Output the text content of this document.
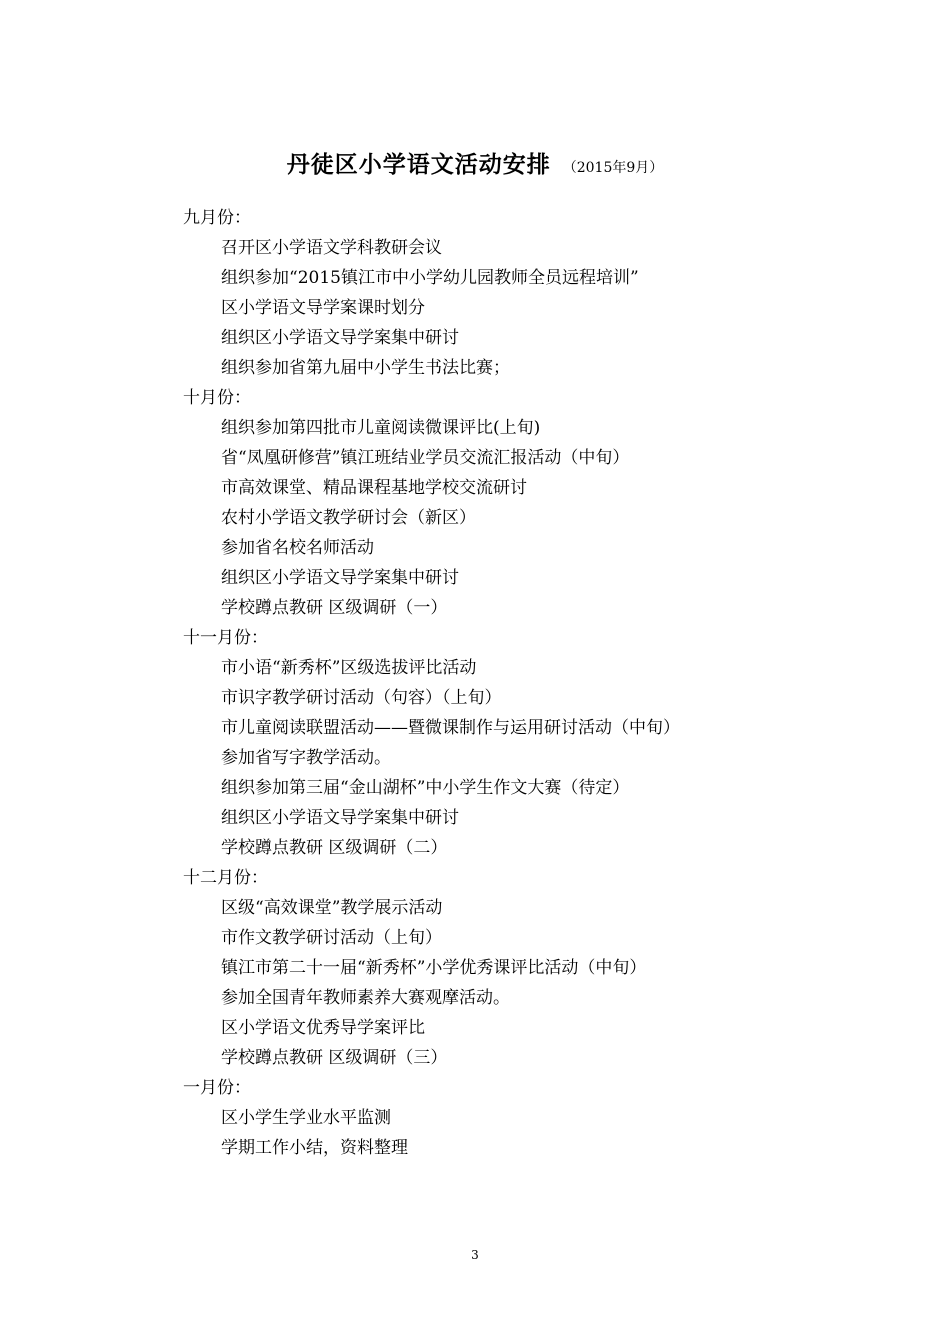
丹徒区小学语文活动安排 （2015年9月）
九月份：
召开区小学语文学科教研会议
组织参加“2015镇江市中小学幼儿园教师全员远程培训”
区小学语文导学案课时划分
组织区小学语文导学案集中研讨
组织参加省第九届中小学生书法比赛；
十月份：
组织参加第四批市儿童阅读微课评比(上旬)
省“凤凰研修营”镇江班结业学员交流汇报活动（中旬）
市高效课堂、精品课程基地学校交流研讨
农村小学语文教学研讨会（新区）
参加省名校名师活动
组织区小学语文导学案集中研讨
学校蹲点教研 区级调研（一）
十一月份：
市小语“新秀杯”区级选拔评比活动
市识字教学研讨活动（句容）（上旬）
市儿童阅读联盟活动——暨微课制作与运用研讨活动（中旬）
参加省写字教学活动。
组织参加第三届“金山湖杯”中小学生作文大赛（待定）
组织区小学语文导学案集中研讨
学校蹲点教研 区级调研（二）
十二月份：
区级“高效课堂”教学展示活动
市作文教学研讨活动（上旬）
镇江市第二十一届“新秀杯”小学优秀课评比活动（中旬）
参加全国青年教师素养大赛观摩活动。
区小学语文优秀导学案评比
学校蹲点教研 区级调研（三）
一月份：
区小学生学业水平监测
学期工作小结，资料整理
3
